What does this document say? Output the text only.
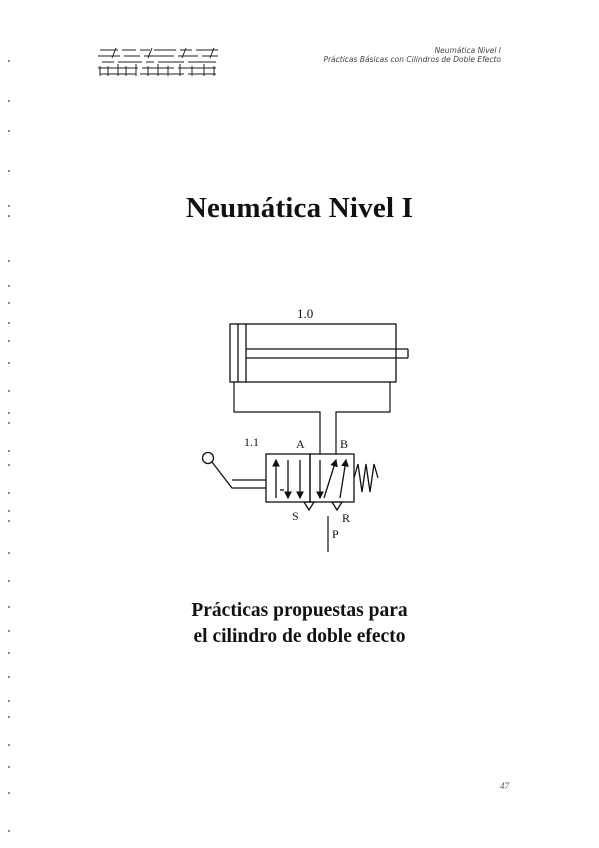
Neumática Nivel I
Prácticas Básicas con Cilindros de Doble Efecto
Neumática Nivel I
1.0
1.1	A	B
S	R
P
Prácticas propuestas para
el cilindro de doble efecto
47
